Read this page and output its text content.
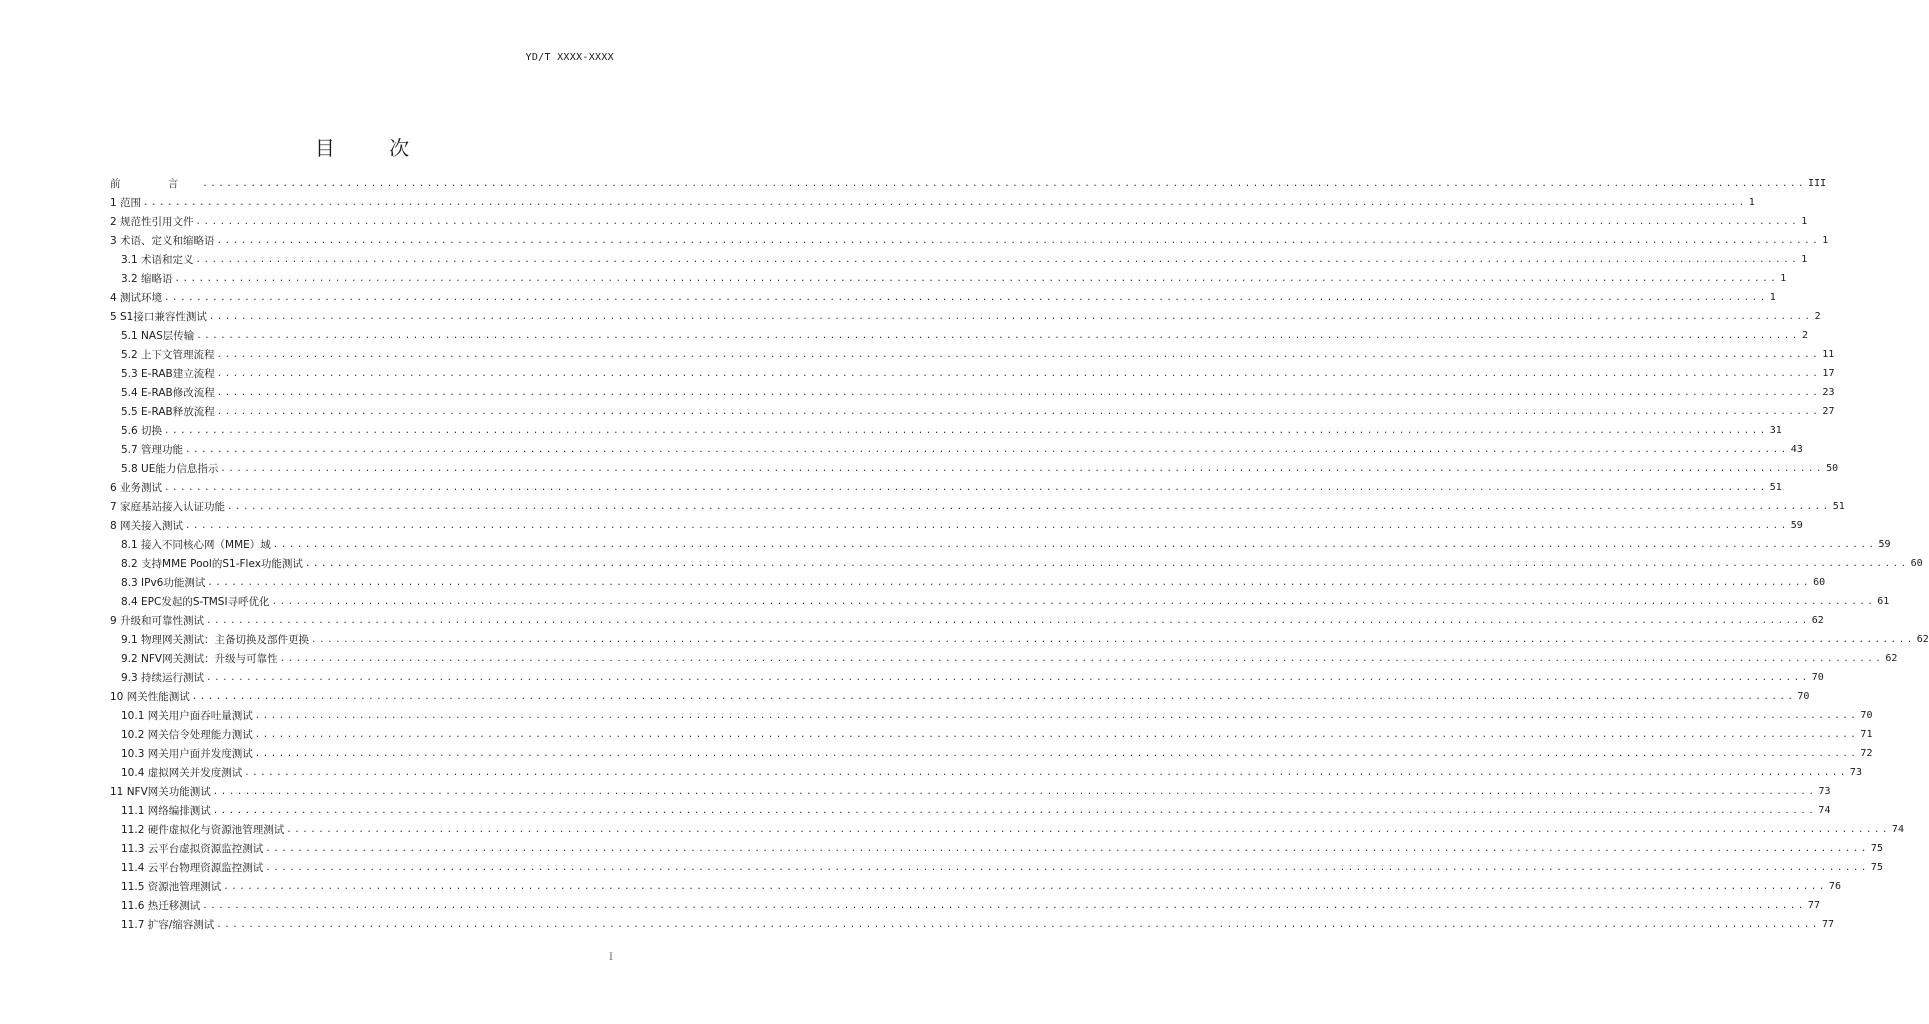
YD/T XXXX-XXXX
目 次
前 言 ........................................................................................................................................................................................................ III
1 范围 ........................................................................................................................................................................................................ 1
2 规范性引用文件 ........................................................................................................................................................................................................ 1
3 术语、定义和缩略语 ........................................................................................................................................................................................................ 1
3.1 术语和定义 ........................................................................................................................................................................................................ 1
3.2 缩略语 ........................................................................................................................................................................................................ 1
4 测试环境 ........................................................................................................................................................................................................ 1
5 S1接口兼容性测试 ........................................................................................................................................................................................................ 2
5.1 NAS层传输 ........................................................................................................................................................................................................ 2
5.2 上下文管理流程 ........................................................................................................................................................................................................ 11
5.3 E-RAB建立流程 ........................................................................................................................................................................................................ 17
5.4 E-RAB修改流程 ........................................................................................................................................................................................................ 23
5.5 E-RAB释放流程 ........................................................................................................................................................................................................ 27
5.6 切换 ........................................................................................................................................................................................................ 31
5.7 管理功能 ........................................................................................................................................................................................................ 43
5.8 UE能力信息指示 ........................................................................................................................................................................................................ 50
6 业务测试 ........................................................................................................................................................................................................ 51
7 家庭基站接入认证功能 ........................................................................................................................................................................................................ 51
8 网关接入测试 ........................................................................................................................................................................................................ 59
8.1 接入不同核心网（MME）域 ........................................................................................................................................................................................................ 59
8.2 支持MME Pool的S1-Flex功能测试 ........................................................................................................................................................................................................ 60
8.3 IPv6功能测试 ........................................................................................................................................................................................................ 60
8.4 EPC发起的S-TMSI寻呼优化 ........................................................................................................................................................................................................ 61
9 升级和可靠性测试 ........................................................................................................................................................................................................ 62
9.1 物理网关测试：主备切换及部件更换 ........................................................................................................................................................................................................ 62
9.2 NFV网关测试：升级与可靠性 ........................................................................................................................................................................................................ 62
9.3 持续运行测试 ........................................................................................................................................................................................................ 70
10 网关性能测试 ........................................................................................................................................................................................................ 70
10.1 网关用户面吞吐量测试 ........................................................................................................................................................................................................ 70
10.2 网关信令处理能力测试 ........................................................................................................................................................................................................ 71
10.3 网关用户面并发度测试 ........................................................................................................................................................................................................ 72
10.4 虚拟网关并发度测试 ........................................................................................................................................................................................................ 73
11 NFV网关功能测试 ........................................................................................................................................................................................................ 73
11.1 网络编排测试 ........................................................................................................................................................................................................ 74
11.2 硬件虚拟化与资源池管理测试 ........................................................................................................................................................................................................ 74
11.3 云平台虚拟资源监控测试 ........................................................................................................................................................................................................ 75
11.4 云平台物理资源监控测试 ........................................................................................................................................................................................................ 75
11.5 资源池管理测试 ........................................................................................................................................................................................................ 76
11.6 热迁移测试 ........................................................................................................................................................................................................ 77
11.7 扩容/缩容测试 ........................................................................................................................................................................................................ 77
I
